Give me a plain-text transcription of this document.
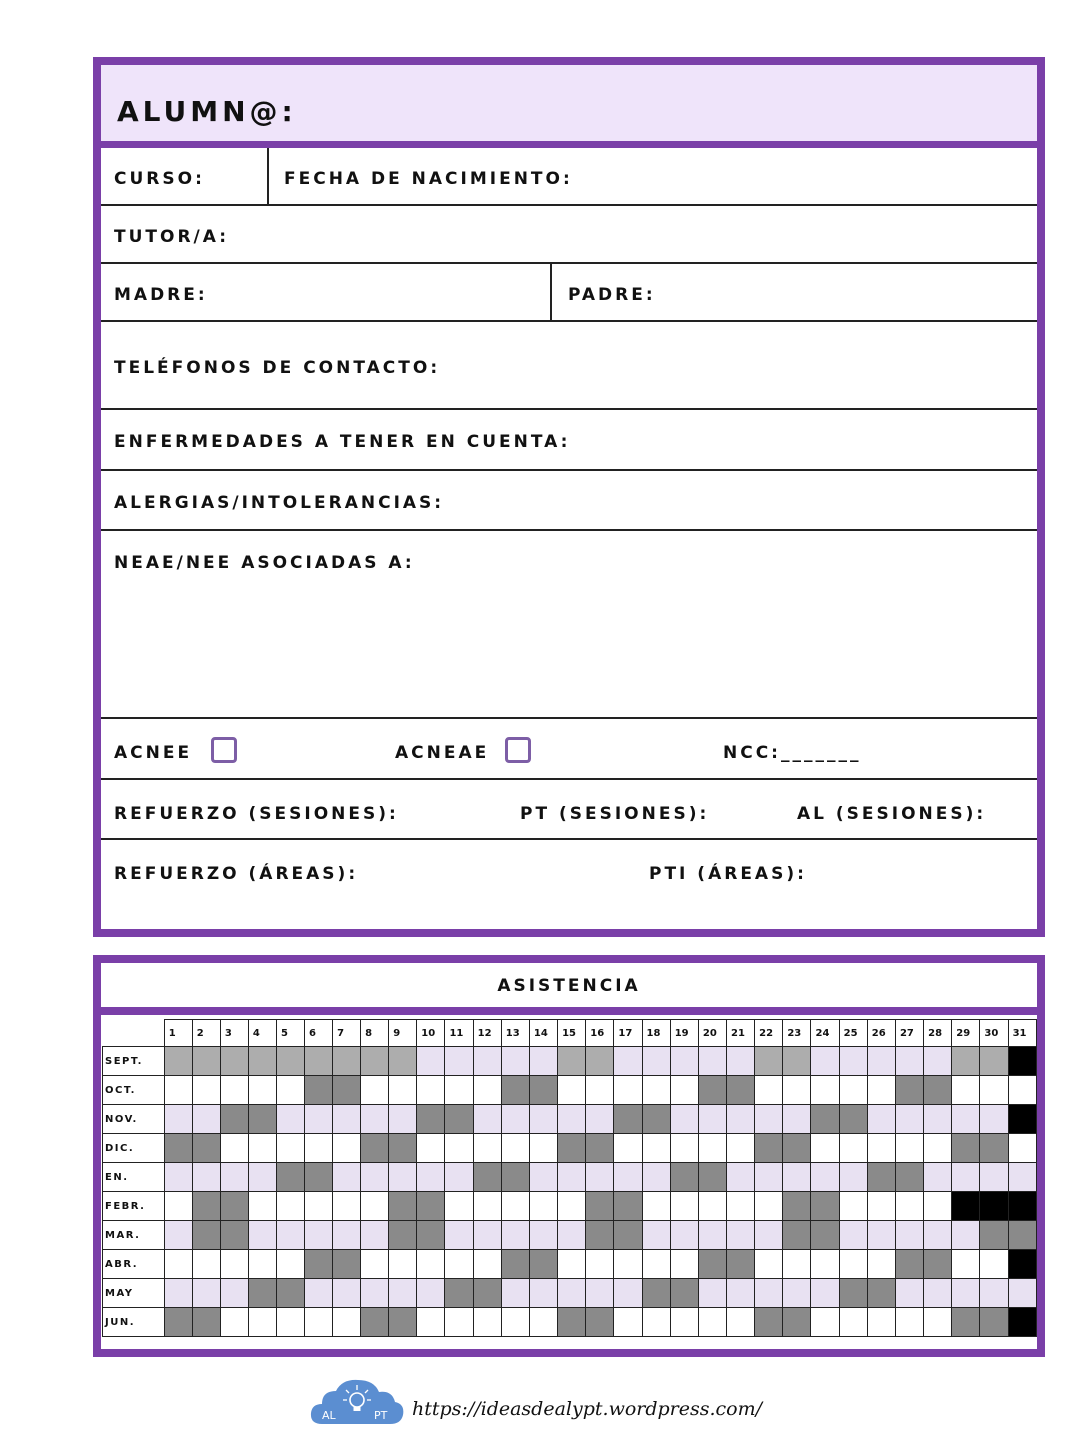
ALUMN@:
CURSO:	FECHA DE NACIMIENTO:
TUTOR/A:
MADRE:	PADRE:
TELÉFONOS DE CONTACTO:
ENFERMEDADES A TENER EN CUENTA:
ALERGIAS/INTOLERANCIAS:
NEAE/NEE ASOCIADAS A:
ACNEE	ACNEAE	NCC:_______
REFUERZO (SESIONES):	PT (SESIONES):	AL (SESIONES):
REFUERZO (ÁREAS):	PTI (ÁREAS):
ASISTENCIA
	1	2	3	4	5	6	7	8	9	10	11	12	13	14	15	16	17	18	19	20	21	22	23	24	25	26	27	28	29	30	31
SEPT.																															
OCT.																															
NOV.																															
DIC.																															
EN.																															
FEBR.																															
MAR.																															
ABR.																															
MAY																															
JUN.																															
AL	PT https://ideasdealypt.wordpress.com/
